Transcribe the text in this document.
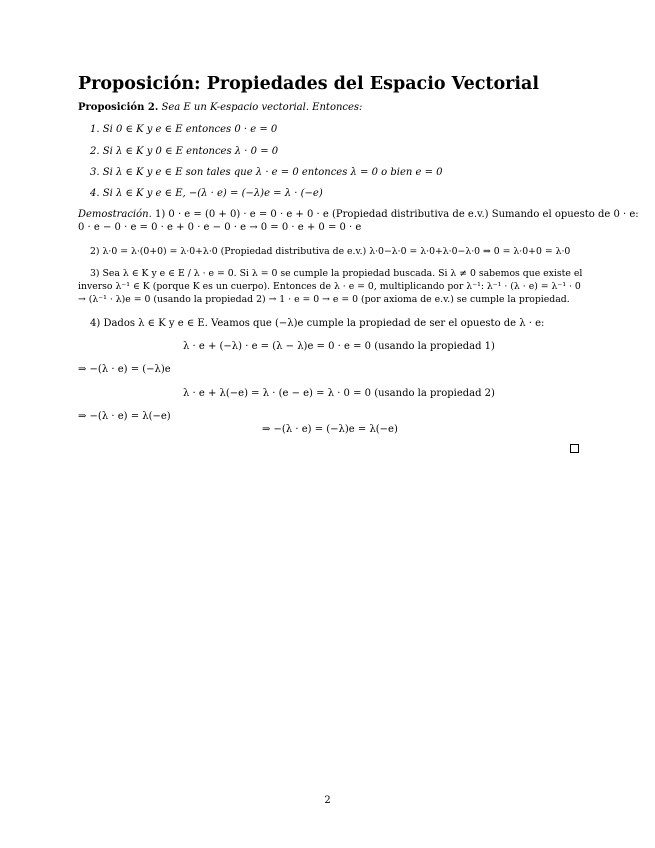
Proposición: Propiedades del Espacio Vectorial
Proposición 2. Sea E un K-espacio vectorial. Entonces:
1. Si 0 ∈ K y e ∈ E entonces 0 · e = 0
2. Si λ ∈ K y 0 ∈ E entonces λ · 0 = 0
3. Si λ ∈ K y e ∈ E son tales que λ · e = 0 entonces λ = 0 o bien e = 0
4. Si λ ∈ K y e ∈ E, −(λ · e) = (−λ)e = λ · (−e)
Demostración. 1) 0 · e = (0 + 0) · e = 0 · e + 0 · e (Propiedad distributiva de e.v.) Sumando el opuesto de 0 · e:
0 · e − 0 · e = 0 · e + 0 · e − 0 · e → 0 = 0 · e + 0 = 0 · e
2) λ·0 = λ·(0+0) = λ·0+λ·0 (Propiedad distributiva de e.v.) λ·0−λ·0 = λ·0+λ·0−λ·0 ⇒ 0 = λ·0+0 = λ·0
3) Sea λ ∈ K y e ∈ E / λ · e = 0. Si λ = 0 se cumple la propiedad buscada. Si λ ≠ 0 sabemos que existe el
inverso λ⁻¹ ∈ K (porque K es un cuerpo). Entonces de λ · e = 0, multiplicando por λ⁻¹: λ⁻¹ · (λ · e) = λ⁻¹ · 0
→ (λ⁻¹ · λ)e = 0 (usando la propiedad 2) → 1 · e = 0 → e = 0 (por axioma de e.v.) se cumple la propiedad.
4) Dados λ ∈ K y e ∈ E. Veamos que (−λ)e cumple la propiedad de ser el opuesto de λ · e:
λ · e + (−λ) · e = (λ − λ)e = 0 · e = 0 (usando la propiedad 1)
⇒ −(λ · e) = (−λ)e
λ · e + λ(−e) = λ · (e − e) = λ · 0 = 0 (usando la propiedad 2)
⇒ −(λ · e) = λ(−e)
⇒ −(λ · e) = (−λ)e = λ(−e)
2
